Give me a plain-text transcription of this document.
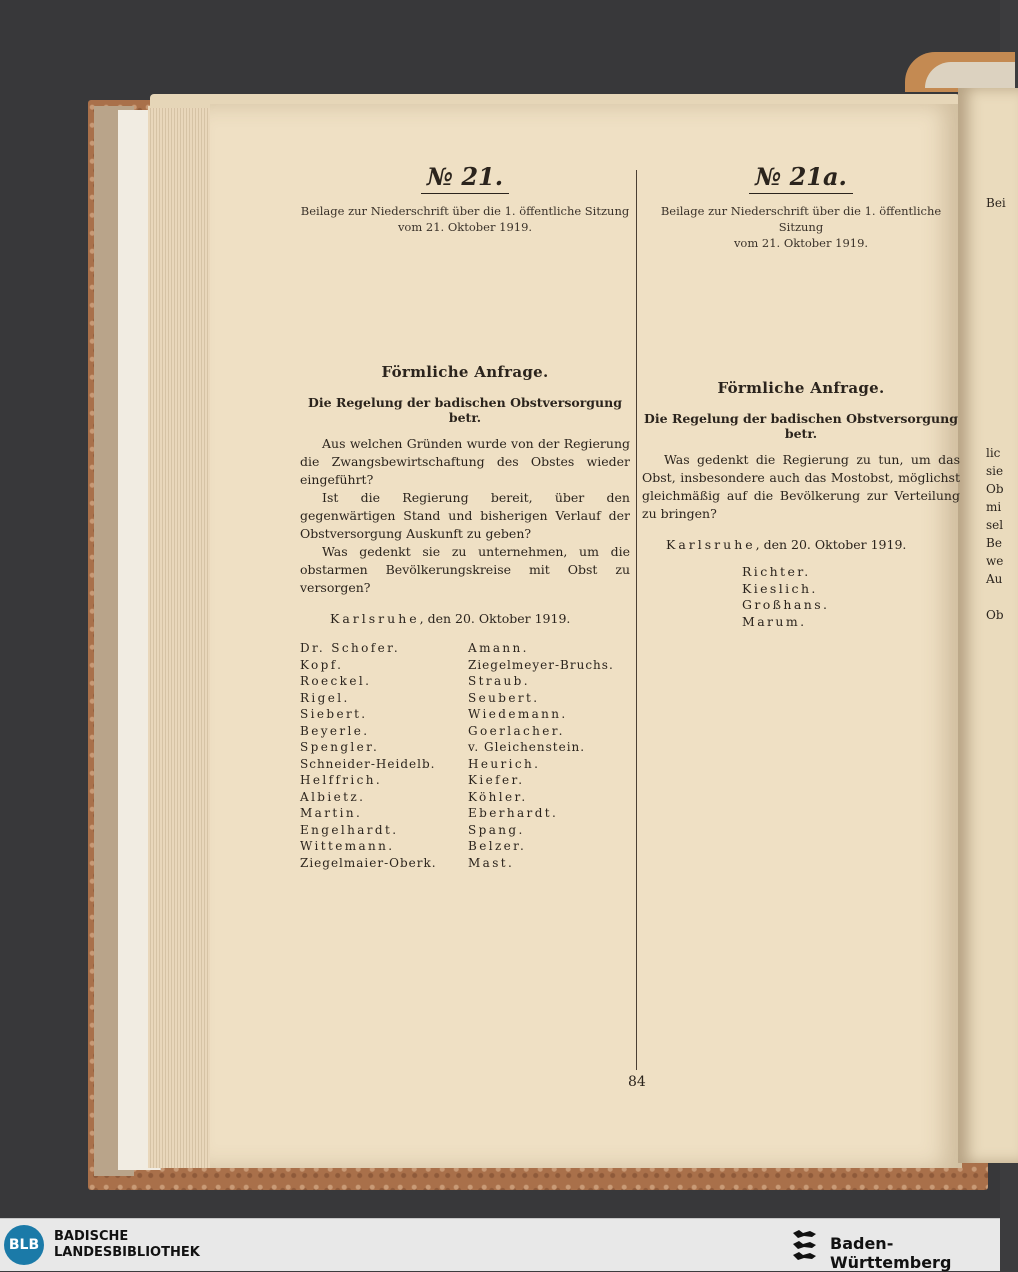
Bei
lic
sie
Ob
mi
sel
Be
we
Au
Ob
№ 21.
Beilage zur Niederschrift über die 1. öffentliche Sitzung
vom 21. Oktober 1919.
Förmliche Anfrage.
Die Regelung der badischen Obstversorgung betr.

Aus welchen Gründen wurde von der Regierung die Zwangsbewirtschaftung des Obstes wieder eingeführt?

Ist die Regierung bereit, über den gegenwärtigen Stand und bisherigen Verlauf der Obstversorgung Auskunft zu geben?

Was gedenkt sie zu unternehmen, um die obstarmen Bevölkerungskreise mit Obst zu versorgen?

Karlsruhe, den 20. Oktober 1919.
Dr. Schofer.
Kopf.
Roeckel.
Rigel.
Siebert.
Beyerle.
Spengler.
Schneider-Heidelb.
Helffrich.
Albietz.
Martin.
Engelhardt.
Wittemann.
Ziegelmaier-Oberk.
Amann.
Ziegelmeyer-Bruchs.
Straub.
Seubert.
Wiedemann.
Goerlacher.
v. Gleichenstein.
Heurich.
Kiefer.
Köhler.
Eberhardt.
Spang.
Belzer.
Mast.
№ 21a.
Beilage zur Niederschrift über die 1. öffentliche Sitzung
vom 21. Oktober 1919.
Förmliche Anfrage.
Die Regelung der badischen Obstversorgung betr.

Was gedenkt die Regierung zu tun, um das Obst, insbesondere auch das Mostobst, möglichst gleichmäßig auf die Bevölkerung zur Verteilung zu bringen?

Karlsruhe, den 20. Oktober 1919.
Richter.
Kieslich.
Großhans.
Marum.
84
BLB
BADISCHE
LANDESBIBLIOTHEK	Baden-Württemberg
